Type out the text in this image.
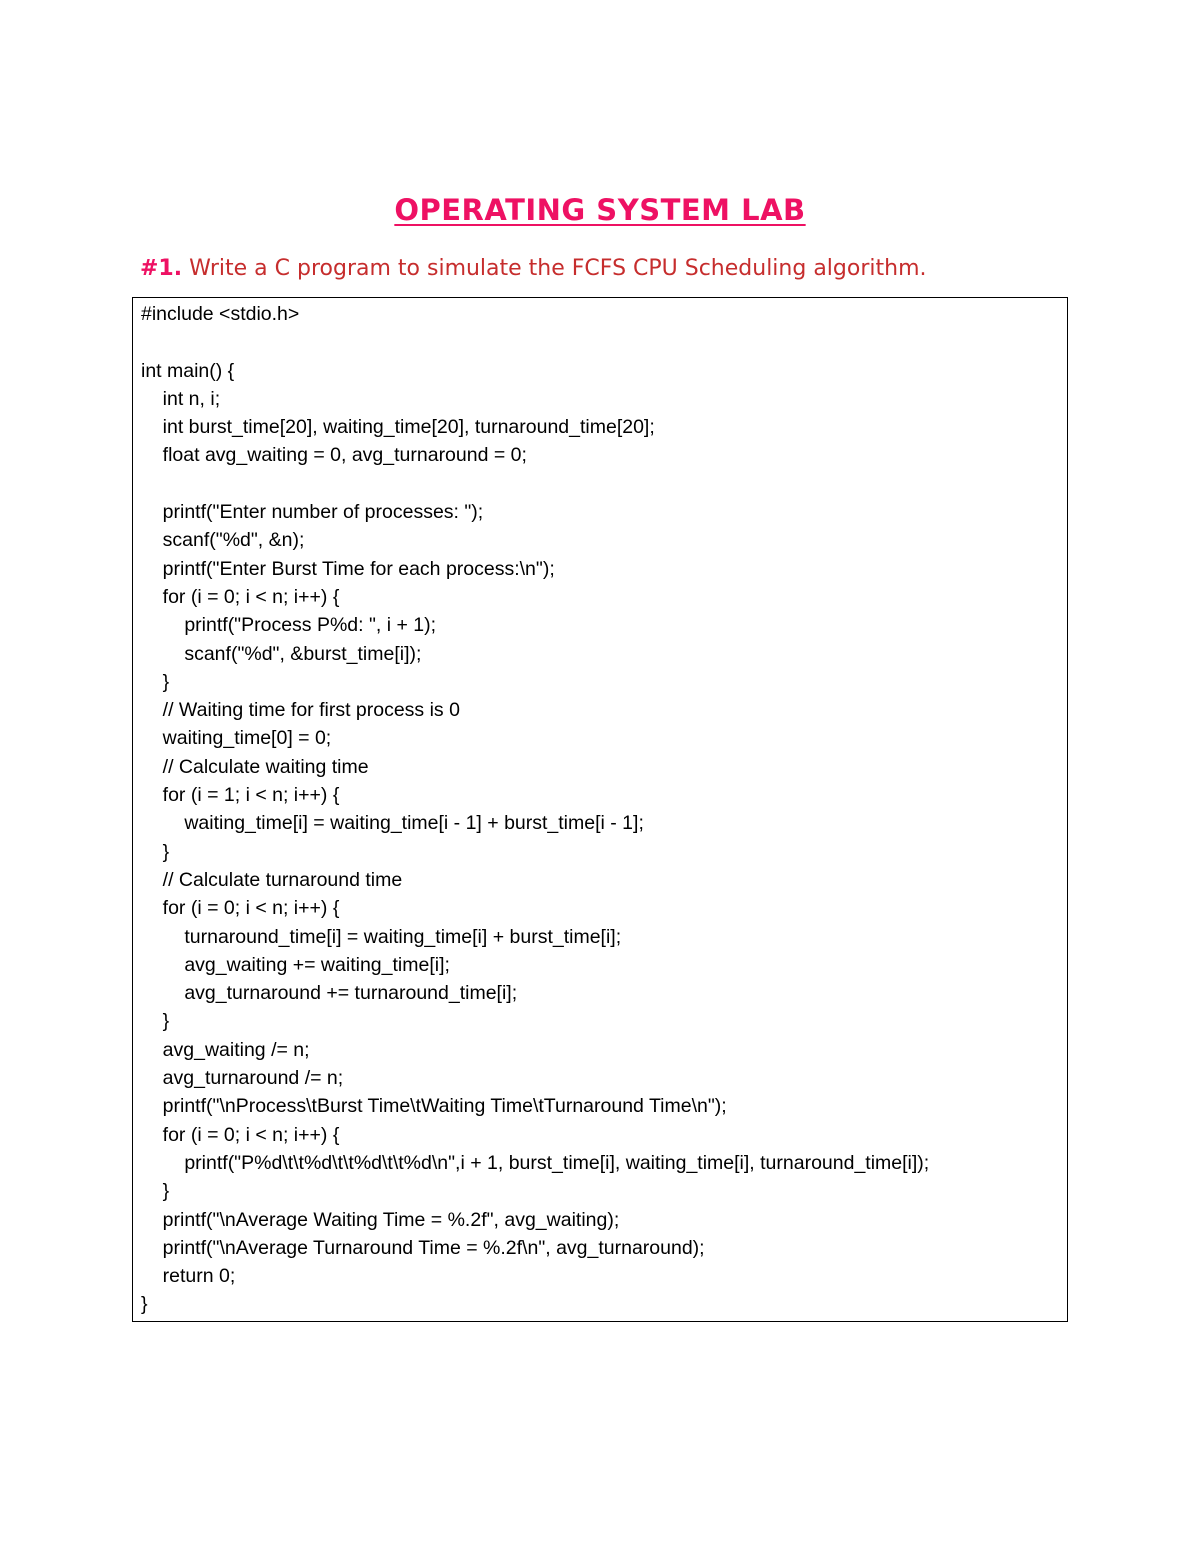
OPERATING SYSTEM LAB

#1. Write a C program to simulate the FCFS CPU Scheduling algorithm.

#include <stdio.h>
int main() {
int n, i;
int burst_time[20], waiting_time[20], turnaround_time[20];
float avg_waiting = 0, avg_turnaround = 0;
printf("Enter number of processes: ");
scanf("%d", &n);
printf("Enter Burst Time for each process:\n");
for (i = 0; i < n; i++) {
printf("Process P%d: ", i + 1);
scanf("%d", &burst_time[i]);
}
// Waiting time for first process is 0
waiting_time[0] = 0;
// Calculate waiting time
for (i = 1; i < n; i++) {
waiting_time[i] = waiting_time[i - 1] + burst_time[i - 1];
}
// Calculate turnaround time
for (i = 0; i < n; i++) {
turnaround_time[i] = waiting_time[i] + burst_time[i];
avg_waiting += waiting_time[i];
avg_turnaround += turnaround_time[i];
}
avg_waiting /= n;
avg_turnaround /= n;
printf("\nProcess\tBurst Time\tWaiting Time\tTurnaround Time\n");
for (i = 0; i < n; i++) {
printf("P%d\t\t%d\t\t%d\t\t%d\n",i + 1, burst_time[i], waiting_time[i], turnaround_time[i]);
}
printf("\nAverage Waiting Time = %.2f", avg_waiting);
printf("\nAverage Turnaround Time = %.2f\n", avg_turnaround);
return 0;
}
